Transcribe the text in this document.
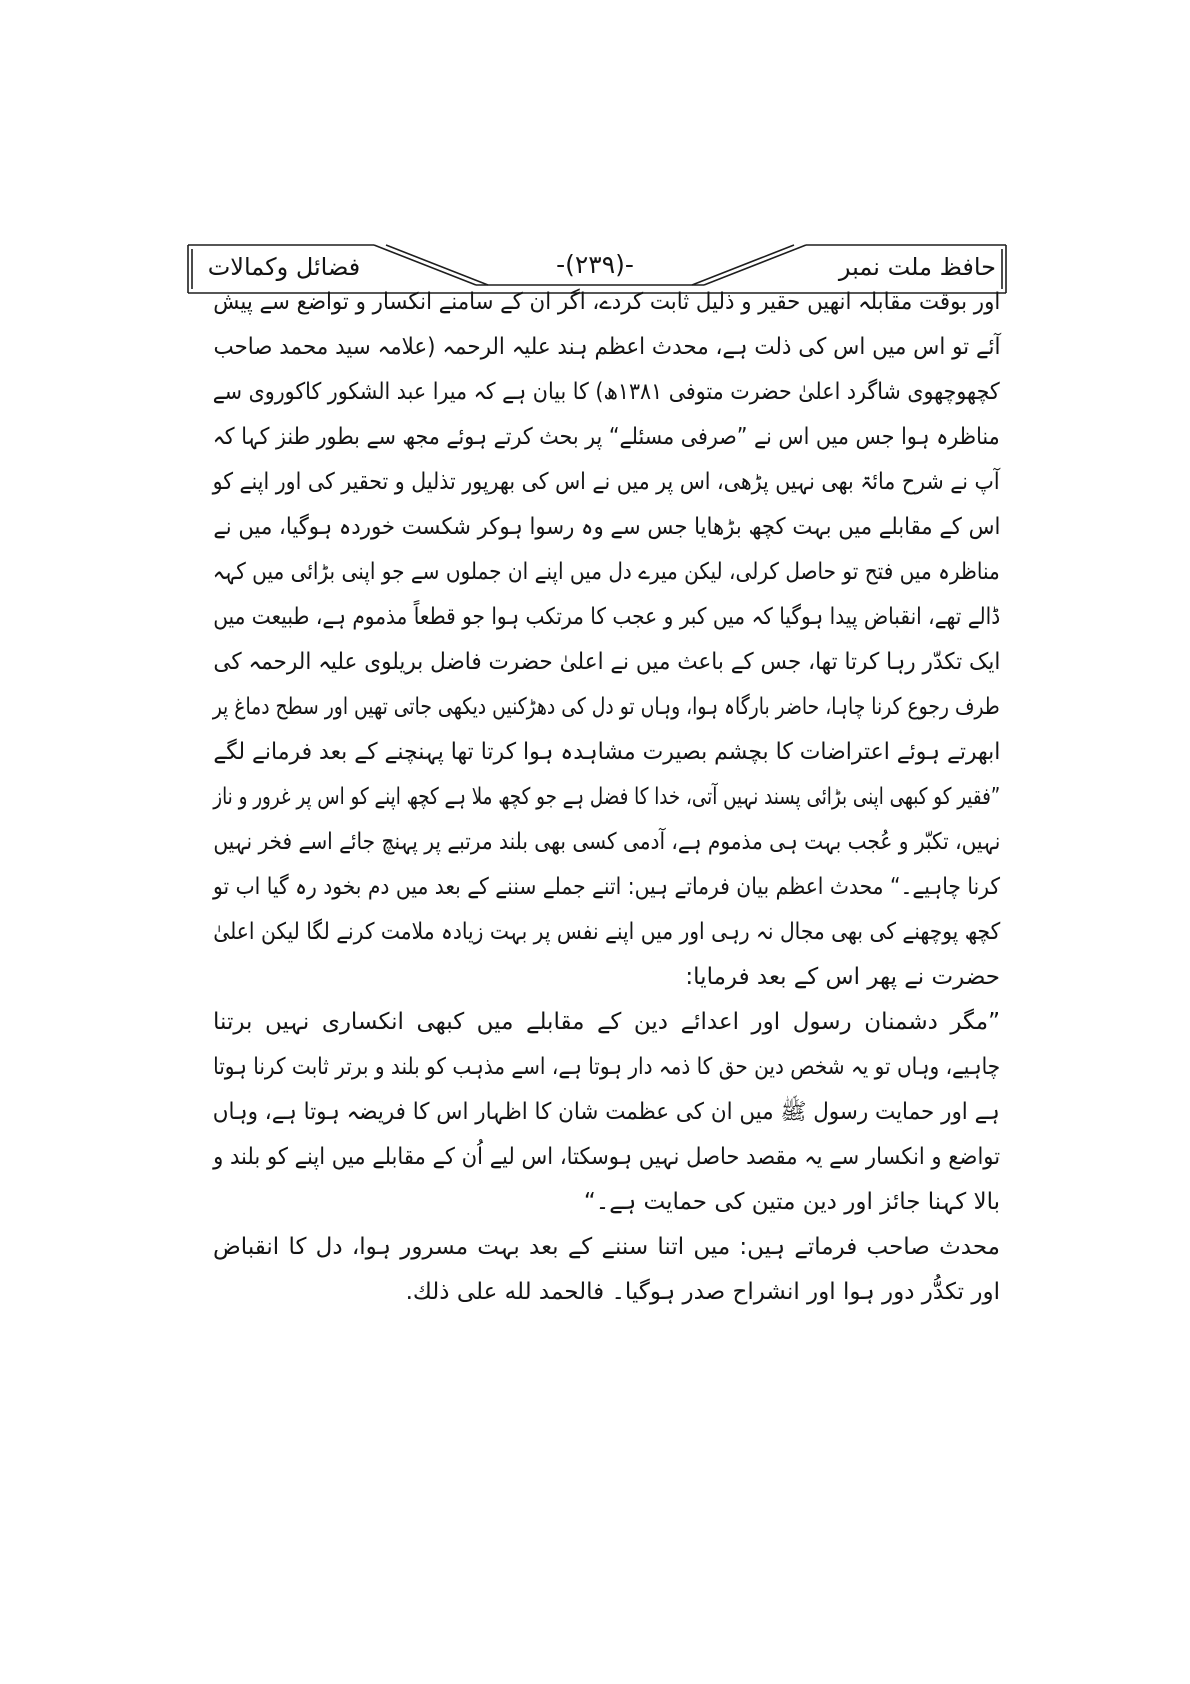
حافظ ملت نمبر
-(۲۳۹)-
فضائل وکمالات
اور بوقت مقابلہ انھیں حقیر و ذلیل ثابت کردے، اگر ان کے سامنے انکسار و تواضع سے پیش
آئے تو اس میں اس کی ذلت ہے، محدث اعظم ہند علیہ الرحمہ (علامہ سید محمد صاحب
کچھوچھوی شاگرد اعلیٰ حضرت متوفی ۱۳۸۱ھ) کا بیان ہے کہ میرا عبد الشکور کاکوروی سے
مناظرہ ہوا جس میں اس نے ”صرفی مسئلے“ پر بحث کرتے ہوئے مجھ سے بطور طنز کہا کہ
آپ نے شرح مائۃ بھی نہیں پڑھی، اس پر میں نے اس کی بھرپور تذلیل و تحقیر کی اور اپنے کو
اس کے مقابلے میں بہت کچھ بڑھایا جس سے وہ رسوا ہوکر شکست خوردہ ہوگیا، میں نے
مناظرہ میں فتح تو حاصل کرلی، لیکن میرے دل میں اپنے ان جملوں سے جو اپنی بڑائی میں کہہ
ڈالے تھے، انقباض پیدا ہوگیا کہ میں کبر و عجب کا مرتکب ہوا جو قطعاً مذموم ہے، طبیعت میں
ایک تکدّر رہا کرتا تھا، جس کے باعث میں نے اعلیٰ حضرت فاضل بریلوی علیہ الرحمہ کی
طرف رجوع کرنا چاہا، حاضر بارگاہ ہوا، وہاں تو دل کی دھڑکنیں دیکھی جاتی تھیں اور سطح دماغ پر
ابھرتے ہوئے اعتراضات کا بچشم بصیرت مشاہدہ ہوا کرتا تھا پہنچنے کے بعد فرمانے لگے
”فقیر کو کبھی اپنی بڑائی پسند نہیں آتی، خدا کا فضل ہے جو کچھ ملا ہے کچھ اپنے کو اس پر غرور و ناز
نہیں، تکبّر و عُجب بہت ہی مذموم ہے، آدمی کسی بھی بلند مرتبے پر پہنچ جائے اسے فخر نہیں
کرنا چاہیے۔“ محدث اعظم بیان فرماتے ہیں: اتنے جملے سننے کے بعد میں دم بخود رہ گیا اب تو
کچھ پوچھنے کی بھی مجال نہ رہی اور میں اپنے نفس پر بہت زیادہ ملامت کرنے لگا لیکن اعلیٰ
حضرت نے پھر اس کے بعد فرمایا:
”مگر دشمنان رسول اور اعدائے دین کے مقابلے میں کبھی انکساری نہیں برتنا
چاہیے، وہاں تو یہ شخص دین حق کا ذمہ دار ہوتا ہے، اسے مذہب کو بلند و برتر ثابت کرنا ہوتا
ہے اور حمایت رسول ﷺ میں ان کی عظمت شان کا اظہار اس کا فریضہ ہوتا ہے، وہاں
تواضع و انکسار سے یہ مقصد حاصل نہیں ہوسکتا، اس لیے اُن کے مقابلے میں اپنے کو بلند و
بالا کہنا جائز اور دین متین کی حمایت ہے۔“
محدث صاحب فرماتے ہیں: میں اتنا سننے کے بعد بہت مسرور ہوا، دل کا انقباض
اور تکدُّر دور ہوا اور انشراح صدر ہوگیا۔ فالحمد لله على ذلك.
